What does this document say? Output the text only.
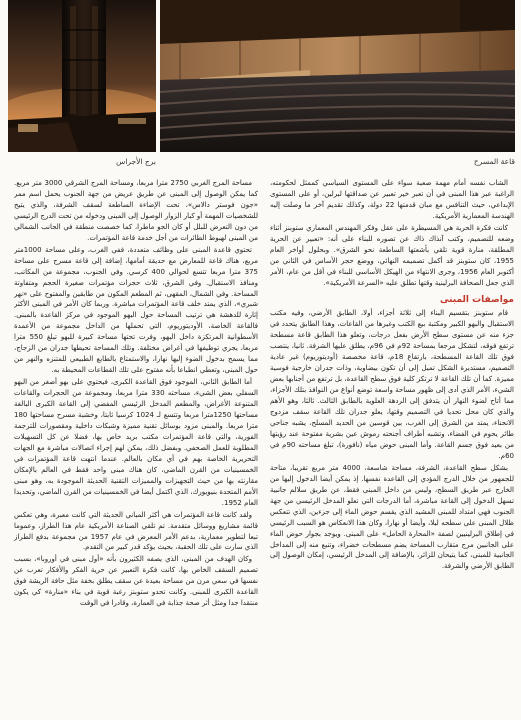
برج الأجراس	قاعة المسرح

الشاب نفسه أمام مهمة صعبة سواء على المستوى السياسي كممثل لحكومته، الراغبة عبر هذا المبنى في أن تعبر خير تعبير عن صداقتها لبرلين، أو على المستوى الإبداعي، حيث التنافس مع مبان قدمتها 22 دولة، وكذلك تقديم آخر ما وصلت إليه الهندسة المعمارية الأمريكية.

كانت فكرة الحرية هي المسيطرة على عقل وفكر المهندس المعماري ستوبنز أثناء وضعه للتصميم، وكتب آنذاك ذاك عن تصوره للبناء على أنه: «تعبير عن الحرية المطلقة، منارة قوية تلقي بأشعتها الساطعة نحو الشرق». وبحلول أواخر العام 1955، كان ستوبنز قد أكمل تصميمه النهائي، ووضع حجر الأساس في الثاني من أكتوبر العام 1956، وجرى الانتهاء من الهيكل الأساسي للبناء في أقل من عام، الأمر الذي جعل الصحافة البرلينية وقتها تطلق عليه «السرعة الأمريكية».

مواصفات المبنى

قام ستوبنز بتقسيم البناء إلى ثلاثة أجزاء، أولا، الطابق الأرضي، وفيه مكتب الاستقبال والبهو الكبير ومكتبة بيع الكتب وغيرها من القاعات، وهذا الطابق يتحدد في جزء منه عن مستوى سطح الأرض بفعل درجات، وتعلو هذا الطابق قاعة مسطحة ترتفع فوقه، لتشكل مرجعا بمساحة 92م في 96م، يطلق عليها الشرفة. ثانيا، ينتصب فوق تلك القاعة المسطحة، بارتفاع 18م، قاعة مخصصة (أوديتوريوم) غير عادية التصميم، مستديرة الشكل تميل إلى أن تكون بيضاوية، وذات جدران خارجية فوسية مميزة. كما أن تلك القاعة لا ترتكز كلية فوق سطح القاعدة، بل ترتفع من أجنابها بعض الشيء، الأمر الذي أدى إلى ظهور مساحة واسعة توضع أنواع من النوافذ بتلك الأجزاء، مما أتاح لضوء النهار أن يتدفق إلى الردهة العلوية بالطابق الثالث. ثالثا، وهو الأهم والذي كان محل تحديا في التصميم وقتها، يعلو جدران تلك القاعة سقف مزدوج الانحناء، يمتد من الشرق إلى الغرب، بين قوسين من الحديد المسلح، يشبه جناحي طائر يحوم في الفضاء، وتشبه أطراف أجنحته رموش عين بشرية مفتوحة عند رؤيتها من بعيد فوق جسم القاعة. وأما المبنى حوض مياه (نافورة)، تبلغ مساحته 90م في 60م.

بشكل سطح القاعدة، الشرفة، مساحة شاسعة، 4000 متر مربع تقريبا، متاحة للجمهور من خلال الدرج المؤدي إلى القاعدة نفسها. إذ يمكن أيضا الدخول إليها من الخارج عبر طريق السطح، وليس من داخل المبنى فقط، عن طريق سلالم جانبية تسهل الدخول إلى القاعة مباشرة، أما الدرجات التي تعلو المدخل الرئيسي من جهة الجنوب فهي امتداد للمبنى المشيد الذي يقسم حوض الماء إلى جزءين، الذي تتعكس ظلال المبنى على سطحه ليلا، وأيضا أو نهارا، وكان هذا الانعكاس هو السبب الرئيسي في إطلاق البرلينيين لصفة «المحارة الحامل» على المبنى. ويوجد بجوار حوض الماء على الجانبين مرج متقارب المساحة يضم مسطحات خضراء، وتنبع منه إلى المداخل الجانبية للمبنى، كما يتيحان للزائر، بالإضافة إلى المدخل الرئيسي، إمكان الوصول إلى الطابق الأرضي والشرفة.

مساحة المرج الغربي 2750 مترا مربعا، ومساحة المرج الشرقي 3000 متر مربع. كما يمكن الوصول إلى المبنى عن طريق عريض من جهة الجنوب يحمل اسم ممر «جون فوستر دالاس»، تحت الإضاءة الساطعة لسقف الشرفة، والذي يتيح للشخصيات المهمة أو كبار الزوار الوصول إلى المبنى ودخوله من تحت الدرج الرئيسي من دون التعرض للبلل أو كان الجو ماطرا، كما خصصت منطقة في الجانب الشمالي من المبنى لهبوط الطائرات من أجل خدمة قاعة المؤتمرات.

تحتوي قاعدة المبنى على وظائف متعددة، ففي الغرب، وعلى مساحة 1000متر مربع، هناك قاعة للمعارض مع حديقة أمامها، إضافة إلى قاعة مسرح على مساحة 375 مترا مربعا تتسع لحوالي 400 كرسي. وفي الجنوب، مجموعة من المكاتب، ومنافذ الاستقبال. وفي الشرق، ثلاث حجرات مؤتمرات صغيرة الحجم ومتفاوتة المساحة. وفي الشمال، المقهى، ثم المطعم المكون من طابقين والمفتوح على «نهر شبري»، الذي يمتد خلف قاعة المؤتمرات مباشرة. وربما كان الأمر في المبنى الأكثر إثارة للدهشة هي ترتيب المساحة حول البهو الموجود في مركز القاعدة بالمبنى. فالقاعة الخاصة، الأوديتوريوم، التي تحملها من الداخل مجموعة من الأعمدة الأسطوانية المرتكزة داخل البهو، وفرت تحتها مساحة كبيرة للبهو تبلغ 550 مترا مربعا، يجري توظيفها في أغراض مختلفة. وتلك المساحة تحيطها جدران من الزجاج، مما يسمح بدخول الضوء إليها نهارا، والاستمتاع بالطابع الطبيعي للمتنزه والنهر من حول المبنى، وتعطي انطباعا بأنه مفتوح على تلك القطاعات المحيطة به.

أما الطابق الثاني، الموجود فوق القاعدة الكبرى، فيحتوي على بهو أصغر من البهو السفلي بعض الشيء، مساحته 330 مترا مربعا، ومجموعة من الحجرات والقاعات المتنوعة الأغراض، والمطعم المدخل الرئيسي المفضي إلى القاعة الكبرى البالغة مساحتها 1250مترا مربعا وتتسع لـ 1024 كرسيا ثابتا، وخشبة مسرح مساحتها 180 مترا مربعا. والمبنى مزود بوسائل تقنية مميزة وشبكات داخلية ومقصورات للترجمة الفورية، والتي قاعة المؤتمرات مكتب بريد خاص بها، فضلا عن كل التسهيلات المطلوبة للعمل الصحفي. وبفضل ذلك، يمكن لهم إجراء اتصالات مباشرة مع الجهات التحريرية الخاصة بهم في أي مكان بالعالم. عندما انتهت قاعة المؤتمرات في الخمسينيات من القرن الماضي، كان هناك مبنى واحد فقط في العالم بالإمكان مقارنته بها من حيث التجهيزات والمميزات التقنية الحديثة الموجودة به، وهو مبنى الأمم المتحدة بنيويورك، الذي اكتمل أيضا في الخمسينيات من القرن الماضي، وتحديدا العام 1952.

ولقد كانت قاعة المؤتمرات هي أكثر المباني الحديثة التي كانت معبرة، وهي تعكس قائمة مشاريع ووسائل متقدمة. تم تلقي الصناعة الأمريكية عام هذا الطراز، وعموما تبعا لتطوير معمارية، بدعم الأمر المعرض في عام 1957 من مجموعة بدفع الطراز الذي سارت على تلك الحقبة، بحيث يؤكد قدر كبير من التقدم.

وكان الهدف من المبنى، الذي يصفه الكثيرون بأنه «أول مبنى في أوروبا»، بسبب تصميم السقف الخاص بها، كانت فكرة التعبير عن حرية الفكر والأفكار تعرب عن نفسها في سعي مرن من مساحة بعيدة عن سقف يطلق بخفة مثل حافة الريشة فوق القاعدة الكبرى للمبنى. وكانت تحدو ستوبنز رغبة قوية في بناء «منارة» كي يكون منتقدا جدا ومثل أثر صحة جذابة في العمارة، وقادرا في الوقت
